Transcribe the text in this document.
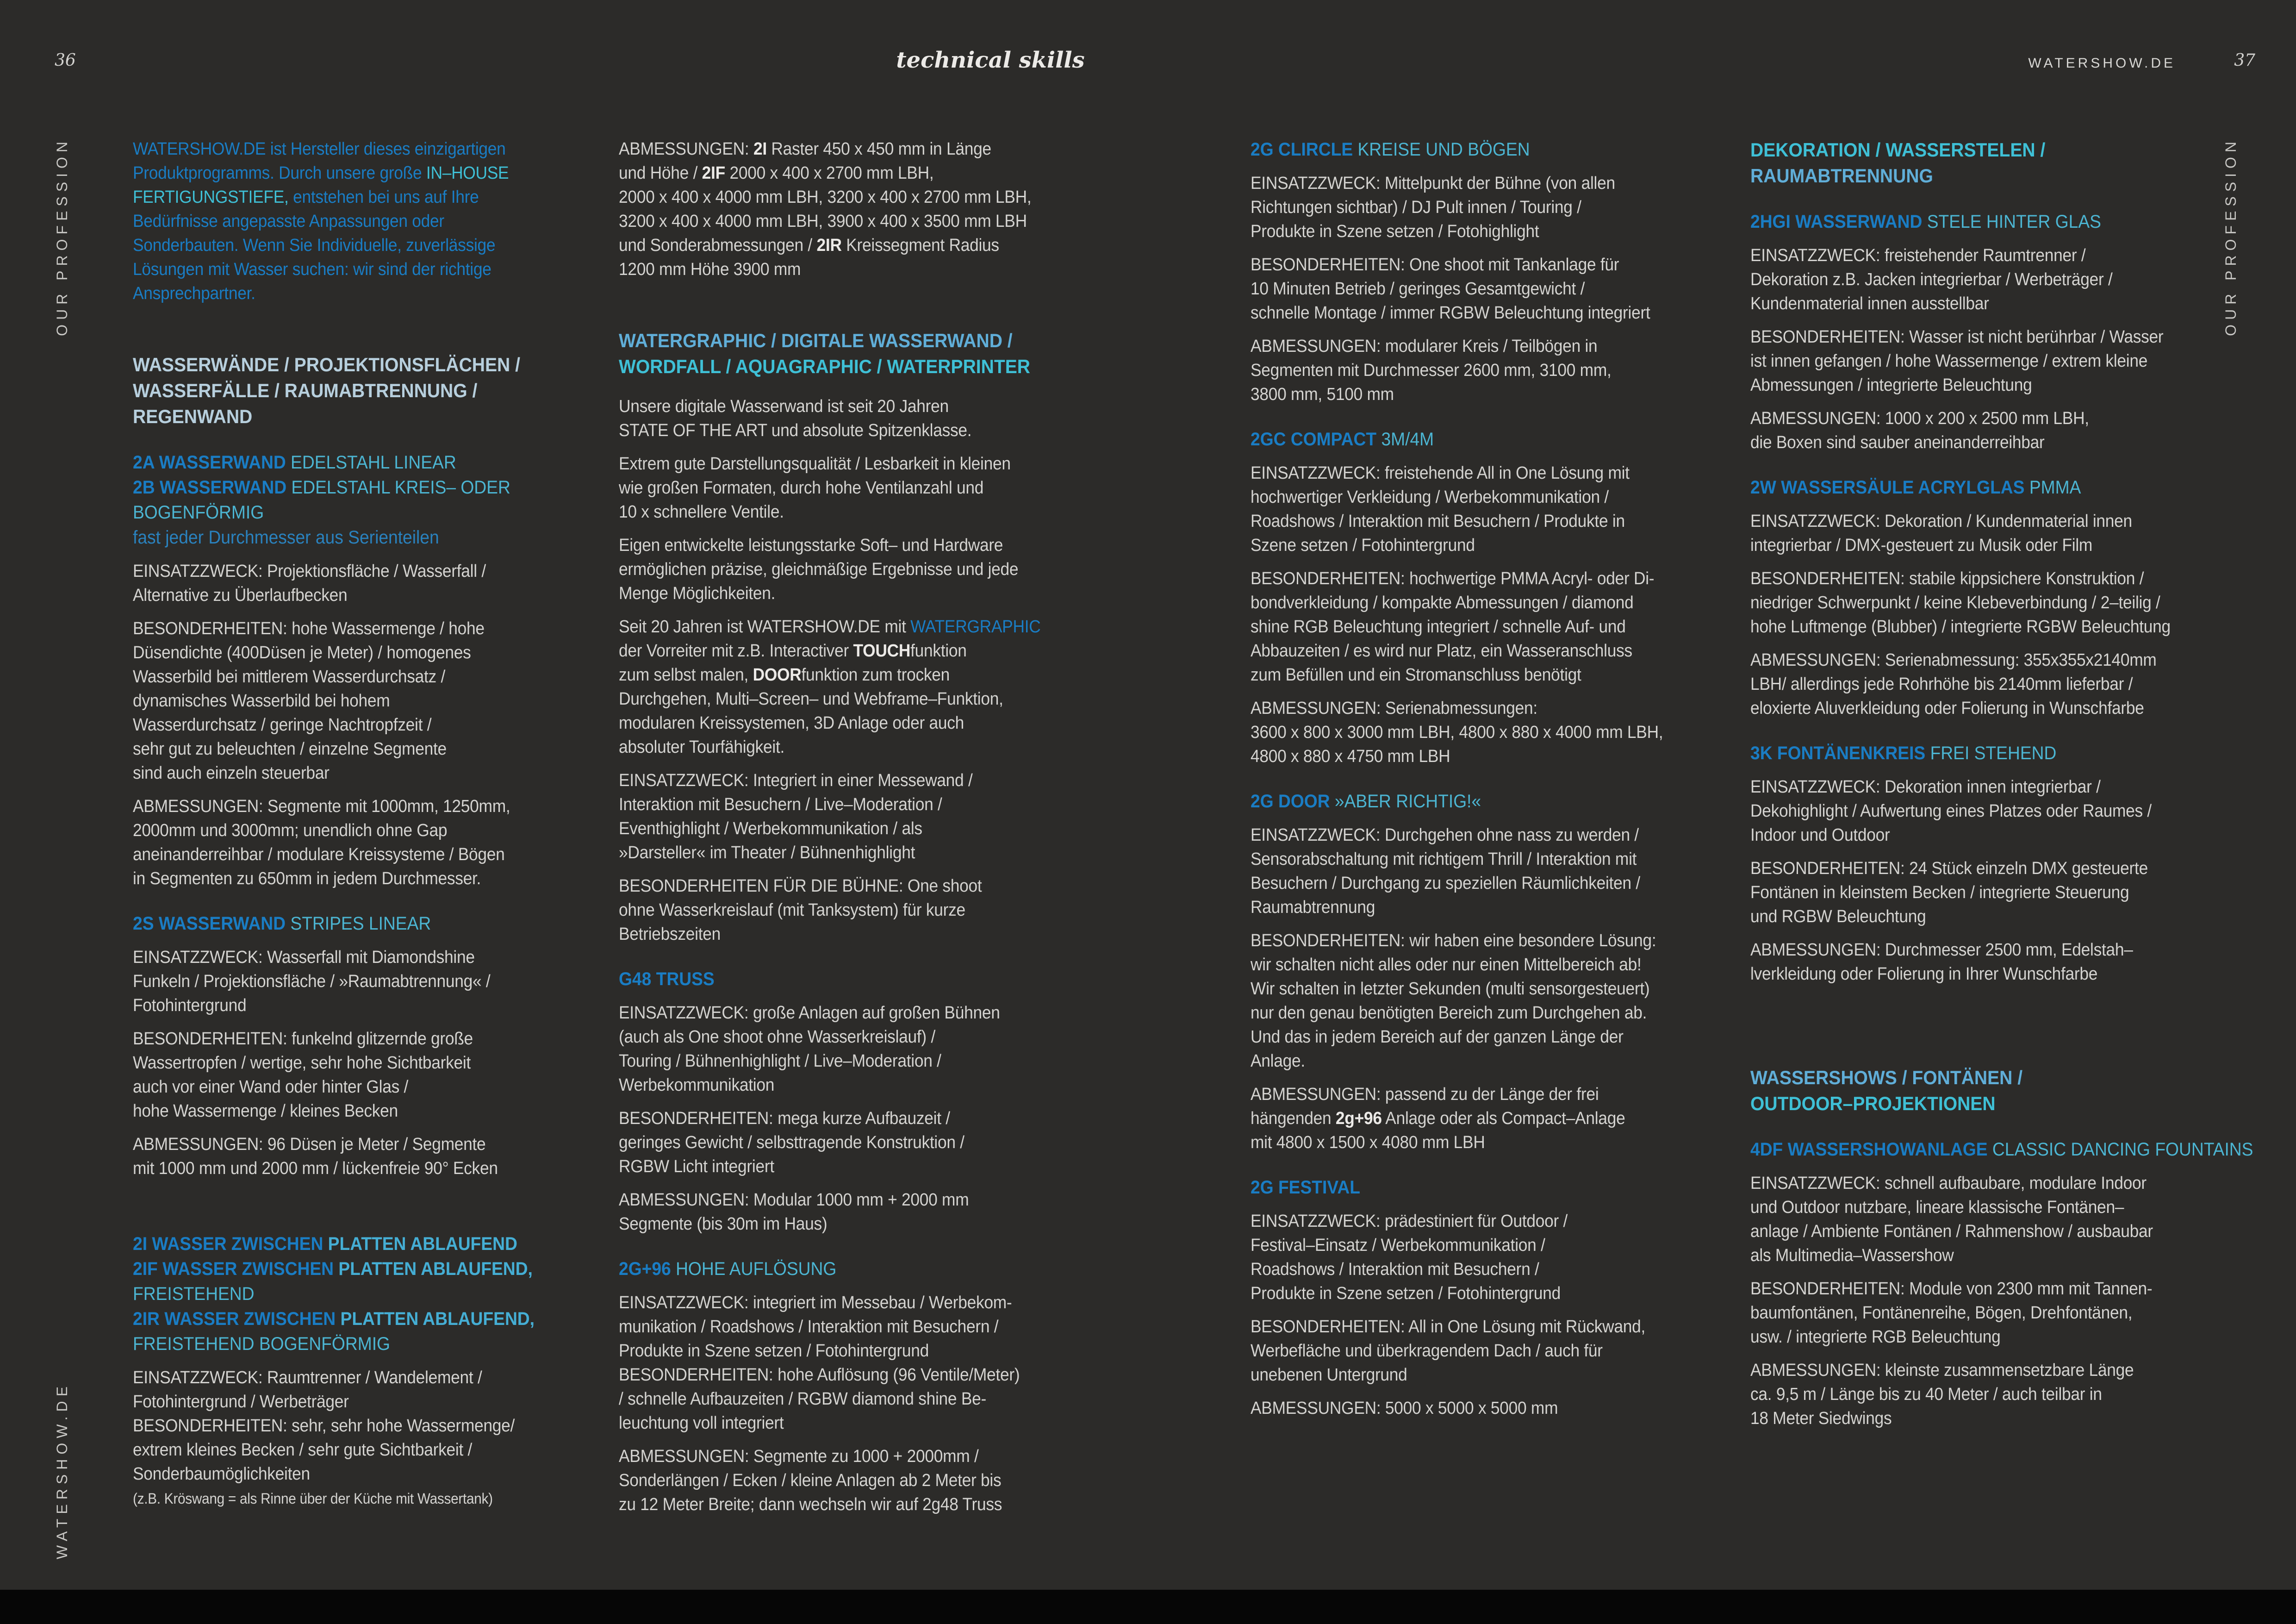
36	technical skills	WATERSHOW.DE	37
OUR PROFESSION
WATERSHOW.DE
OUR PROFESSION
WATERSHOW.DE ist Hersteller dieses einzigartigen
Produktprogramms. Durch unsere große IN–HOUSE
FERTIGUNGSTIEFE, entstehen bei uns auf Ihre
Bedürfnisse angepasste Anpassungen oder
Sonderbauten. Wenn Sie Individuelle, zuverlässige
Lösungen mit Wasser suchen: wir sind der richtige
Ansprechpartner.
WASSERWÄNDE / PROJEKTIONSFLÄCHEN /
WASSERFÄLLE / RAUMABTRENNUNG /
REGENWAND
2A WASSERWAND EDELSTAHL LINEAR
2B WASSERWAND EDELSTAHL KREIS– ODER
BOGENFÖRMIG
fast jeder Durchmesser aus Serienteilen
EINSATZZWECK: Projektionsfläche / Wasserfall /
Alternative zu Überlaufbecken
BESONDERHEITEN: hohe Wassermenge / hohe
Düsendichte (400Düsen je Meter) / homogenes
Wasserbild bei mittlerem Wasserdurchsatz /
dynamisches Wasserbild bei hohem
Wasserdurchsatz / geringe Nachtropfzeit /
sehr gut zu beleuchten / einzelne Segmente
sind auch einzeln steuerbar
ABMESSUNGEN: Segmente mit 1000mm, 1250mm,
2000mm und 3000mm; unendlich ohne Gap
aneinanderreihbar / modulare Kreissysteme / Bögen
in Segmenten zu 650mm in jedem Durchmesser.
2S WASSERWAND STRIPES LINEAR
EINSATZZWECK: Wasserfall mit Diamondshine
Funkeln / Projektionsfläche / »Raumabtrennung« /
Fotohintergrund
BESONDERHEITEN: funkelnd glitzernde große
Wassertropfen / wertige, sehr hohe Sichtbarkeit
auch vor einer Wand oder hinter Glas /
hohe Wassermenge / kleines Becken
ABMESSUNGEN: 96 Düsen je Meter / Segmente
mit 1000 mm und 2000 mm / lückenfreie 90° Ecken
2I WASSER ZWISCHEN PLATTEN ABLAUFEND
2IF WASSER ZWISCHEN PLATTEN ABLAUFEND,
FREISTEHEND
2IR WASSER ZWISCHEN PLATTEN ABLAUFEND,
FREISTEHEND BOGENFÖRMIG
EINSATZZWECK: Raumtrenner / Wandelement /
Fotohintergrund / Werbeträger
BESONDERHEITEN: sehr, sehr hohe Wassermenge/
extrem kleines Becken / sehr gute Sichtbarkeit /
Sonderbaumöglichkeiten
(z.B. Kröswang = als Rinne über der Küche mit Wassertank)
ABMESSUNGEN: 2I Raster 450 x 450 mm in Länge
und Höhe / 2IF 2000 x 400 x 2700 mm LBH,
2000 x 400 x 4000 mm LBH, 3200 x 400 x 2700 mm LBH,
3200 x 400 x 4000 mm LBH, 3900 x 400 x 3500 mm LBH
und Sonderabmessungen / 2IR Kreissegment Radius
1200 mm Höhe 3900 mm
WATERGRAPHIC / DIGITALE WASSERWAND /
WORDFALL / AQUAGRAPHIC / WATERPRINTER
Unsere digitale Wasserwand ist seit 20 Jahren
STATE OF THE ART und absolute Spitzenklasse.
Extrem gute Darstellungsqualität / Lesbarkeit in kleinen
wie großen Formaten, durch hohe Ventilanzahl und
10 x schnellere Ventile.
Eigen entwickelte leistungsstarke Soft– und Hardware
ermöglichen präzise, gleichmäßige Ergebnisse und jede
Menge Möglichkeiten.
Seit 20 Jahren ist WATERSHOW.DE mit WATERGRAPHIC
der Vorreiter mit z.B. Interactiver TOUCHfunktion
zum selbst malen, DOORfunktion zum trocken
Durchgehen, Multi–Screen– und Webframe–Funktion,
modularen Kreissystemen, 3D Anlage oder auch
absoluter Tourfähigkeit.
EINSATZZWECK: Integriert in einer Messewand /
Interaktion mit Besuchern / Live–Moderation /
Eventhighlight / Werbekommunikation / als
»Darsteller« im Theater / Bühnenhighlight
BESONDERHEITEN FÜR DIE BÜHNE: One shoot
ohne Wasserkreislauf (mit Tanksystem) für kurze
Betriebszeiten
G48 TRUSS
EINSATZZWECK: große Anlagen auf großen Bühnen
(auch als One shoot ohne Wasserkreislauf) /
Touring / Bühnenhighlight / Live–Moderation /
Werbekommunikation
BESONDERHEITEN: mega kurze Aufbauzeit /
geringes Gewicht / selbsttragende Konstruktion /
RGBW Licht integriert
ABMESSUNGEN: Modular 1000 mm + 2000 mm
Segmente (bis 30m im Haus)
2G+96 HOHE AUFLÖSUNG
EINSATZZWECK: integriert im Messebau / Werbekom-
munikation / Roadshows / Interaktion mit Besuchern /
Produkte in Szene setzen / Fotohintergrund
BESONDERHEITEN: hohe Auflösung (96 Ventile/Meter)
/ schnelle Aufbauzeiten / RGBW diamond shine Be-
leuchtung voll integriert
ABMESSUNGEN: Segmente zu 1000 + 2000mm /
Sonderlängen / Ecken / kleine Anlagen ab 2 Meter bis
zu 12 Meter Breite; dann wechseln wir auf 2g48 Truss
2G CLIRCLE KREISE UND BÖGEN
EINSATZZWECK: Mittelpunkt der Bühne (von allen
Richtungen sichtbar) / DJ Pult innen / Touring /
Produkte in Szene setzen / Fotohighlight
BESONDERHEITEN: One shoot mit Tankanlage für
10 Minuten Betrieb / geringes Gesamtgewicht /
schnelle Montage / immer RGBW Beleuchtung integriert
ABMESSUNGEN: modularer Kreis / Teilbögen in
Segmenten mit Durchmesser 2600 mm, 3100 mm,
3800 mm, 5100 mm
2GC COMPACT 3M/4M
EINSATZZWECK: freistehende All in One Lösung mit
hochwertiger Verkleidung / Werbekommunikation /
Roadshows / Interaktion mit Besuchern / Produkte in
Szene setzen / Fotohintergrund
BESONDERHEITEN: hochwertige PMMA Acryl- oder Di-
bondverkleidung / kompakte Abmessungen / diamond
shine RGB Beleuchtung integriert / schnelle Auf- und
Abbauzeiten / es wird nur Platz, ein Wasseranschluss
zum Befüllen und ein Stromanschluss benötigt
ABMESSUNGEN: Serienabmessungen:
3600 x 800 x 3000 mm LBH, 4800 x 880 x 4000 mm LBH,
4800 x 880 x 4750 mm LBH
2G DOOR »ABER RICHTIG!«
EINSATZZWECK: Durchgehen ohne nass zu werden /
Sensorabschaltung mit richtigem Thrill / Interaktion mit
Besuchern / Durchgang zu speziellen Räumlichkeiten /
Raumabtrennung
BESONDERHEITEN: wir haben eine besondere Lösung:
wir schalten nicht alles oder nur einen Mittelbereich ab!
Wir schalten in letzter Sekunden (multi sensorgesteuert)
nur den genau benötigten Bereich zum Durchgehen ab.
Und das in jedem Bereich auf der ganzen Länge der
Anlage.
ABMESSUNGEN: passend zu der Länge der frei
hängenden 2g+96 Anlage oder als Compact–Anlage
mit 4800 x 1500 x 4080 mm LBH
2G FESTIVAL
EINSATZZWECK: prädestiniert für Outdoor /
Festival–Einsatz / Werbekommunikation /
Roadshows / Interaktion mit Besuchern /
Produkte in Szene setzen / Fotohintergrund
BESONDERHEITEN: All in One Lösung mit Rückwand,
Werbefläche und überkragendem Dach / auch für
unebenen Untergrund
ABMESSUNGEN: 5000 x 5000 x 5000 mm
DEKORATION / WASSERSTELEN /
RAUMABTRENNUNG
2HGI WASSERWAND STELE HINTER GLAS
EINSATZZWECK: freistehender Raumtrenner /
Dekoration z.B. Jacken integrierbar / Werbeträger /
Kundenmaterial innen ausstellbar
BESONDERHEITEN: Wasser ist nicht berührbar / Wasser
ist innen gefangen / hohe Wassermenge / extrem kleine
Abmessungen / integrierte Beleuchtung
ABMESSUNGEN: 1000 x 200 x 2500 mm LBH,
die Boxen sind sauber aneinanderreihbar
2W WASSERSÄULE ACRYLGLAS PMMA
EINSATZZWECK: Dekoration / Kundenmaterial innen
integrierbar / DMX-gesteuert zu Musik oder Film
BESONDERHEITEN: stabile kippsichere Konstruktion /
niedriger Schwerpunkt / keine Klebeverbindung / 2–teilig /
hohe Luftmenge (Blubber) / integrierte RGBW Beleuchtung
ABMESSUNGEN: Serienabmessung: 355x355x2140mm
LBH/ allerdings jede Rohrhöhe bis 2140mm lieferbar /
eloxierte Aluverkleidung oder Folierung in Wunschfarbe
3K FONTÄNENKREIS FREI STEHEND
EINSATZZWECK: Dekoration innen integrierbar /
Dekohighlight / Aufwertung eines Platzes oder Raumes /
Indoor und Outdoor
BESONDERHEITEN: 24 Stück einzeln DMX gesteuerte
Fontänen in kleinstem Becken / integrierte Steuerung
und RGBW Beleuchtung
ABMESSUNGEN: Durchmesser 2500 mm, Edelstah–
lverkleidung oder Folierung in Ihrer Wunschfarbe
WASSERSHOWS / FONTÄNEN /
OUTDOOR–PROJEKTIONEN
4DF WASSERSHOWANLAGE CLASSIC DANCING FOUNTAINS
EINSATZZWECK: schnell aufbaubare, modulare Indoor
und Outdoor nutzbare, lineare klassische Fontänen–
anlage / Ambiente Fontänen / Rahmenshow / ausbaubar
als Multimedia–Wassershow
BESONDERHEITEN: Module von 2300 mm mit Tannen-
baumfontänen, Fontänenreihe, Bögen, Drehfontänen,
usw. / integrierte RGB Beleuchtung
ABMESSUNGEN: kleinste zusammensetzbare Länge
ca. 9,5 m / Länge bis zu 40 Meter / auch teilbar in
18 Meter Siedwings
